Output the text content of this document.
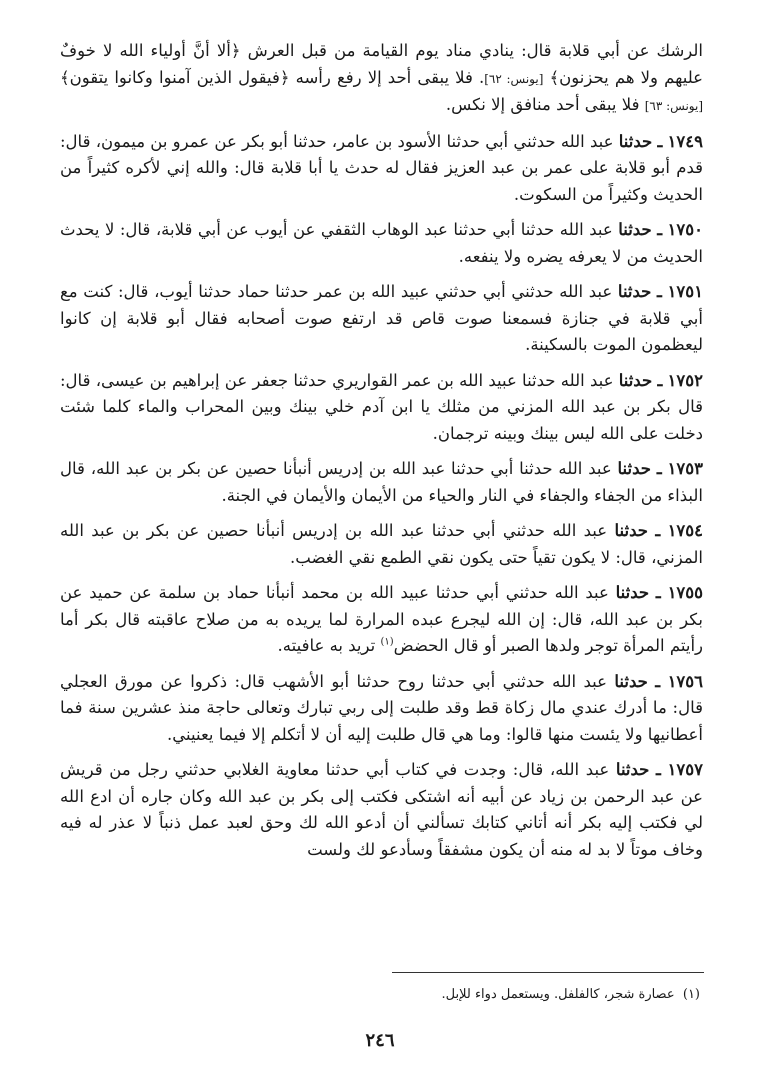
الرشك عن أبي قلابة قال: ينادي مناد يوم القيامة من قبل العرش ﴿ألا أنَّ أولياء الله لا خوفٌ عليهم ولا هم يحزنون﴾ [يونس: ٦٢]. فلا يبقى أحد إلا رفع رأسه ﴿فيقول الذين آمنوا وكانوا يتقون﴾ [يونس: ٦٣] فلا يبقى أحد منافق إلا نكس.

١٧٤٩ ـ حدثنا عبد الله حدثني أبي حدثنا الأسود بن عامر، حدثنا أبو بكر عن عمرو بن ميمون، قال: قدم أبو قلابة على عمر بن عبد العزيز فقال له حدث يا أبا قلابة قال: والله إني لأكره كثيراً من الحديث وكثيراً من السكوت.

١٧٥٠ ـ حدثنا عبد الله حدثنا أبي حدثنا عبد الوهاب الثقفي عن أيوب عن أبي قلابة، قال: لا يحدث الحديث من لا يعرفه يضره ولا ينفعه.

١٧٥١ ـ حدثنا عبد الله حدثني أبي حدثني عبيد الله بن عمر حدثنا حماد حدثنا أيوب، قال: كنت مع أبي قلابة في جنازة فسمعنا صوت قاص قد ارتفع صوت أصحابه فقال أبو قلابة إن كانوا ليعظمون الموت بالسكينة.

١٧٥٢ ـ حدثنا عبد الله حدثنا عبيد الله بن عمر القواريري حدثنا جعفر عن إبراهيم بن عيسى، قال: قال بكر بن عبد الله المزني من مثلك يا ابن آدم خلي بينك وبين المحراب والماء كلما شئت دخلت على الله ليس بينك وبينه ترجمان.

١٧٥٣ ـ حدثنا عبد الله حدثنا أبي حدثنا عبد الله بن إدريس أنبأنا حصين عن بكر بن عبد الله، قال البذاء من الجفاء والجفاء في النار والحياء من الأيمان والأيمان في الجنة.

١٧٥٤ ـ حدثنا عبد الله حدثني أبي حدثنا عبد الله بن إدريس أنبأنا حصين عن بكر بن عبد الله المزني، قال: لا يكون تقياً حتى يكون نقي الطمع نقي الغضب.

١٧٥٥ ـ حدثنا عبد الله حدثني أبي حدثنا عبيد الله بن محمد أنبأنا حماد بن سلمة عن حميد عن بكر بن عبد الله، قال: إن الله ليجرع عبده المرارة لما يريده به من صلاح عاقبته قال بكر أما رأيتم المرأة توجر ولدها الصبر أو قال الحضض$^{(١)}$ تريد به عافيته.

١٧٥٦ ـ حدثنا عبد الله حدثني أبي حدثنا روح حدثنا أبو الأشهب قال: ذكروا عن مورق العجلي قال: ما أدرك عندي مال زكاة قط وقد طلبت إلى ربي تبارك وتعالى حاجة منذ عشرين سنة فما أعطانيها ولا يئست منها قالوا: وما هي قال طلبت إليه أن لا أتكلم إلا فيما يعنيني.

١٧٥٧ ـ حدثنا عبد الله، قال: وجدت في كتاب أبي حدثنا معاوية الغلابي حدثني رجل من قريش عن عبد الرحمن بن زياد عن أبيه أنه اشتكى فكتب إلى بكر بن عبد الله وكان جاره أن ادع الله لي فكتب إليه بكر أنه أتاني كتابك تسألني أن أدعو الله لك وحق لعبد عمل ذنباً لا عذر له فيه وخاف موتاً لا بد له منه أن يكون مشفقاً وسأدعو لك ولست

(١)  عصارة شجر، كالفلفل. ويستعمل دواء للإبل.
٢٤٦
